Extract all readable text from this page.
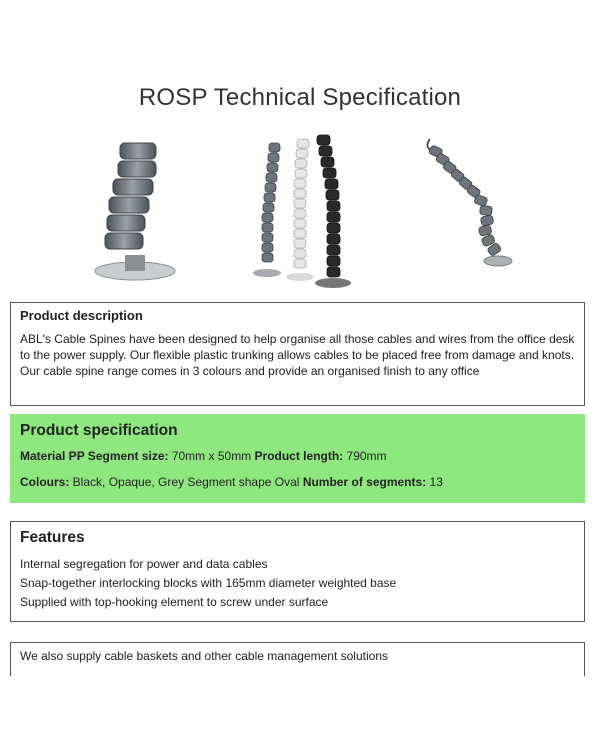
ROSP Technical Specification
Product description
ABL's Cable Spines have been designed to help organise all those cables and wires from the office desk to the power supply. Our flexible plastic trunking allows cables to be placed free from damage and knots. Our cable spine range comes in 3 colours and provide an organised finish to any office
Product specification
Material PP Segment size: 70mm x 50mm Product length: 790mm
Colours: Black, Opaque, Grey Segment shape Oval Number of segments: 13
Features
Internal segregation for power and data cables
Snap-together interlocking blocks with 165mm diameter weighted base
Supplied with top-hooking element to screw under surface
We also supply cable baskets and other cable management solutions
